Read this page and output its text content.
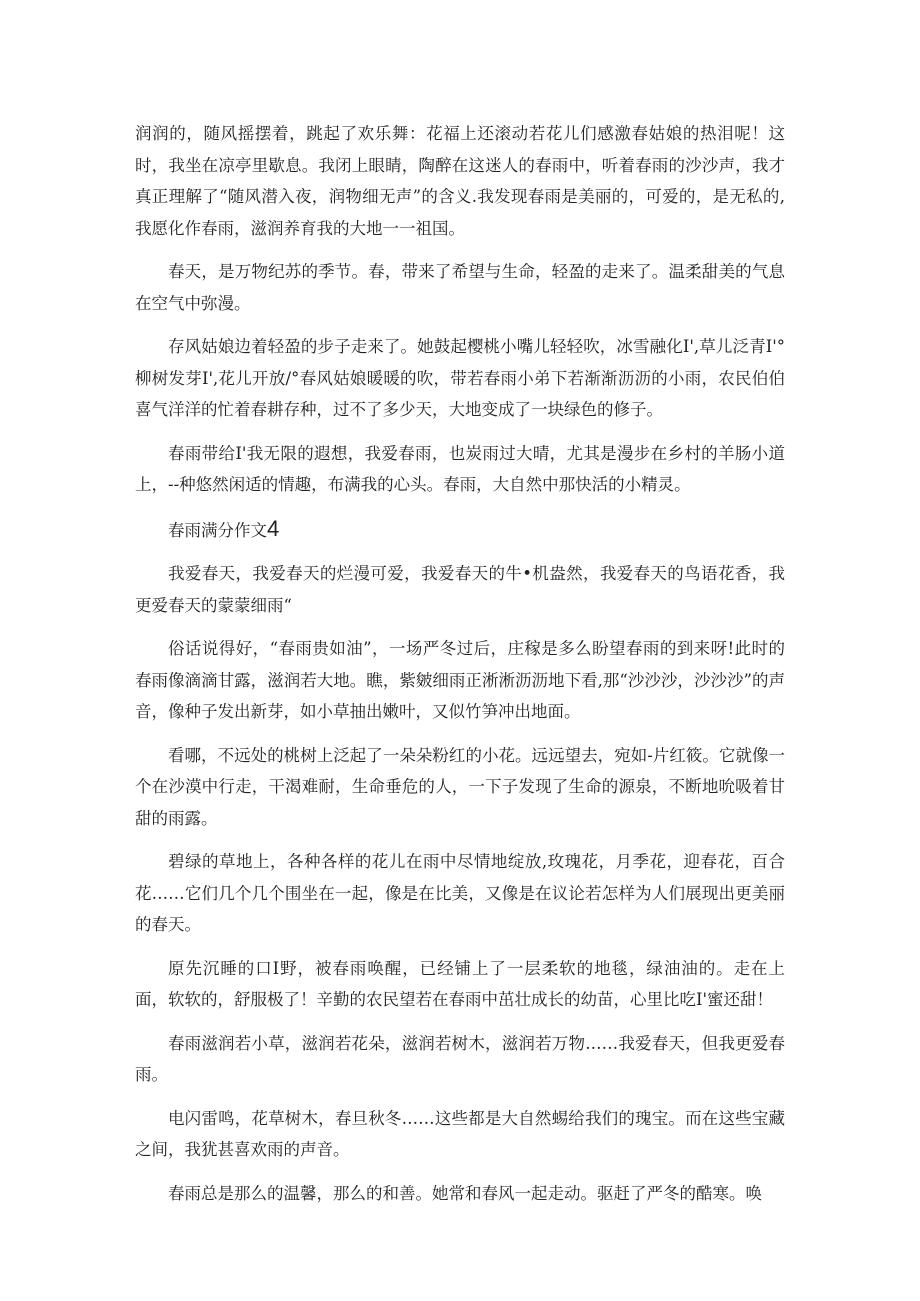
润润的，随风摇摆着，跳起了欢乐舞：花福上还滚动若花儿们感激春姑娘的热泪呢！这时，我坐在凉亭里歇息。我闭上眼睛，陶醉在这迷人的春雨中，听着春雨的沙沙声，我才真正理解了“随风潜入夜，润物细无声”的含义.我发现春雨是美丽的，可爱的，是无私的,我愿化作春雨，滋润养育我的大地一一祖国。

春天，是万物纪苏的季节。春，带来了希望与生命，轻盈的走来了。温柔甜美的气息在空气中弥漫。

存风姑娘边着轻盈的步子走来了。她鼓起樱桃小嘴儿轻轻吹，冰雪融化I',草儿泛青I'°柳树发芽I',花儿开放/°春风姑娘暖暖的吹，带若春雨小弟下若渐渐沥沥的小雨，农民伯伯喜气洋洋的忙着春耕存种，过不了多少天，大地变成了一块绿色的修子。

春雨带给I'我无限的遐想，我爱春雨，也炭雨过大晴，尤其是漫步在乡村的羊肠小道上，--种悠然闲适的情趣，布满我的心头。春雨，大自然中那快活的小精灵。

春雨满分作文4

我爱春天，我爱春天的烂漫可爱，我爱春天的牛•机盎然，我爱春天的鸟语花香，我更爱春天的蒙蒙细雨“

俗话说得好，“春雨贵如油”，一场严冬过后，庄稼是多么盼望春雨的到来呀!此时的春雨像滴滴甘露，滋润若大地。瞧，紫皴细雨正淅淅沥沥地下看,那“沙沙沙，沙沙沙”的声音，像种子发出新芽，如小草抽出嫩叶，又似竹笋冲出地面。

看哪，不远处的桃树上泛起了一朵朵粉红的小花。远远望去，宛如-片红筱。它就像一个在沙漠中行走，干渴难耐，生命垂危的人，一下子发现了生命的源泉，不断地吮吸着甘甜的雨露。

碧绿的草地上，各种各样的花儿在雨中尽情地绽放,玫瑰花，月季花，迎春花，百合花……它们几个几个围坐在一起，像是在比美，又像是在议论若怎样为人们展现出更美丽的春天。

原先沉睡的口I野，被春雨唤醒，已经铺上了一层柔软的地毯，绿油油的。走在上面，软软的，舒服极了！辛勤的农民望若在春雨中茁壮成长的幼苗，心里比吃I'蜜还甜！

春雨滋润若小草，滋润若花朵，滋润若树木，滋润若万物……我爱春天，但我更爱春雨。

电闪雷鸣，花草树木，春旦秋冬……这些都是大自然蜴给我们的瑰宝。而在这些宝藏之间，我犹甚喜欢雨的声音。

春雨总是那么的温馨，那么的和善。她常和春风一起走动。驱赶了严冬的酷寒。唤
